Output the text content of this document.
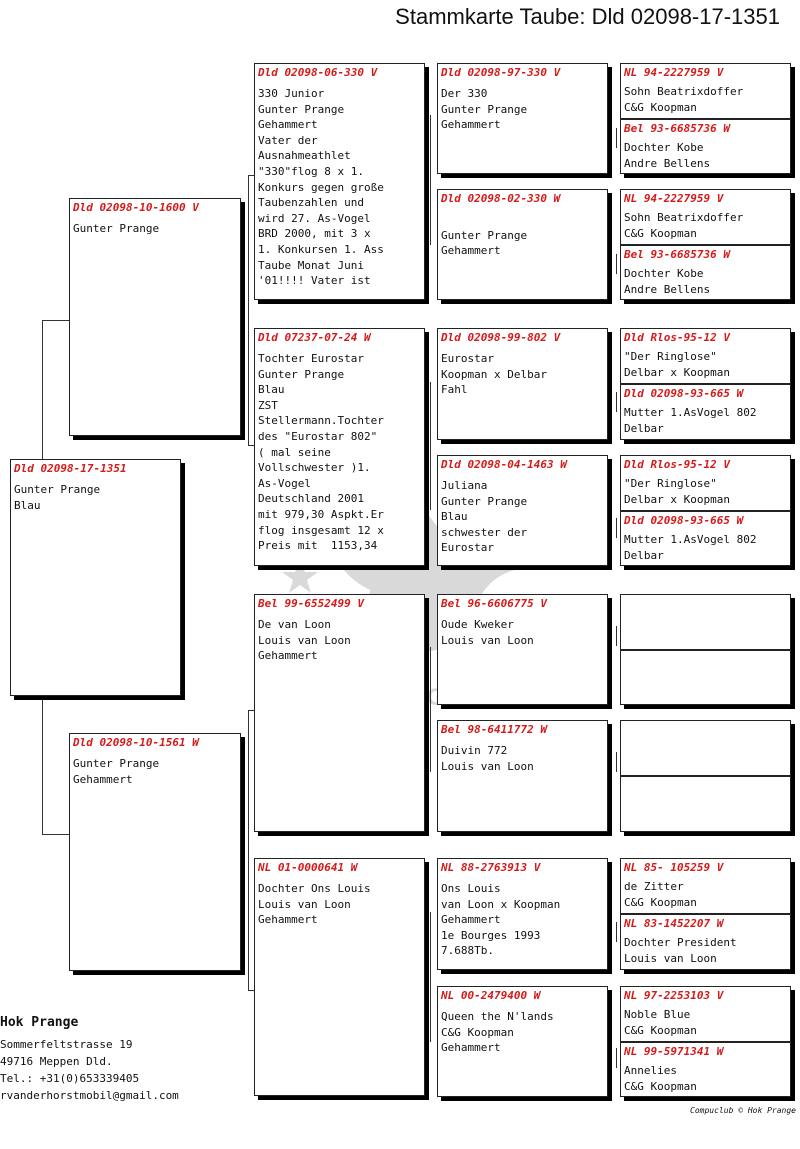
Stammkarte Taube: Dld 02098-17-1351
Dld 02098-17-1351
Gunter Prange
Blau
Dld 02098-10-1600 V
Gunter Prange
Dld 02098-10-1561 W
Gunter Prange
Gehammert
Dld 02098-06-330 V
330 Junior
Gunter Prange
Gehammert
Vater der
Ausnahmeathlet
"330"flog 8 x 1.
Konkurs gegen große
Taubenzahlen und
wird 27. As-Vogel
BRD 2000, mit 3 x
1. Konkursen 1. Ass
Taube Monat Juni
'01!!!! Vater ist
Dld 07237-07-24 W
Tochter Eurostar
Gunter Prange
Blau
ZST
Stellermann.Tochter
des "Eurostar 802"
( mal seine
Vollschwester )1.
As-Vogel
Deutschland 2001
mit 979,30 Aspkt.Er
flog insgesamt 12 x
Preis mit  1153,34
Bel 99-6552499 V
De van Loon
Louis van Loon
Gehammert
NL 01-0000641 W
Dochter Ons Louis
Louis van Loon
Gehammert
Dld 02098-97-330 V
Der 330
Gunter Prange
Gehammert
Dld 02098-02-330 W

Gunter Prange
Gehammert
Dld 02098-99-802 V
Eurostar
Koopman x Delbar
Fahl
Dld 02098-04-1463 W
Juliana
Gunter Prange
Blau
schwester der
Eurostar
Bel 96-6606775 V
Oude Kweker
Louis van Loon
Bel 98-6411772 W
Duivin 772
Louis van Loon
NL 88-2763913 V
Ons Louis
van Loon x Koopman
Gehammert
1e Bourges 1993
7.688Tb.
NL 00-2479400 W
Queen the N'lands
C&G Koopman
Gehammert
NL 94-2227959 V
Sohn Beatrixdoffer
C&G Koopman
Bel 93-6685736 W
Dochter Kobe
Andre Bellens
NL 94-2227959 V
Sohn Beatrixdoffer
C&G Koopman
Bel 93-6685736 W
Dochter Kobe
Andre Bellens
Dld Rlos-95-12 V
"Der Ringlose"
Delbar x Koopman
Dld 02098-93-665 W
Mutter 1.AsVogel 802
Delbar
Dld Rlos-95-12 V
"Der Ringlose"
Delbar x Koopman
Dld 02098-93-665 W
Mutter 1.AsVogel 802
Delbar
NL 85- 105259 V
de Zitter
C&G Koopman
NL 83-1452207 W
Dochter President
Louis van Loon
NL 97-2253103 V
Noble Blue
C&G Koopman
NL 99-5971341 W
Annelies
C&G Koopman
Hok Prange
Sommerfeltstrasse 19
49716 Meppen Dld.
Tel.: +31(0)653339405
rvanderhorstmobil@gmail.com
Compuclub © Hok Prange
